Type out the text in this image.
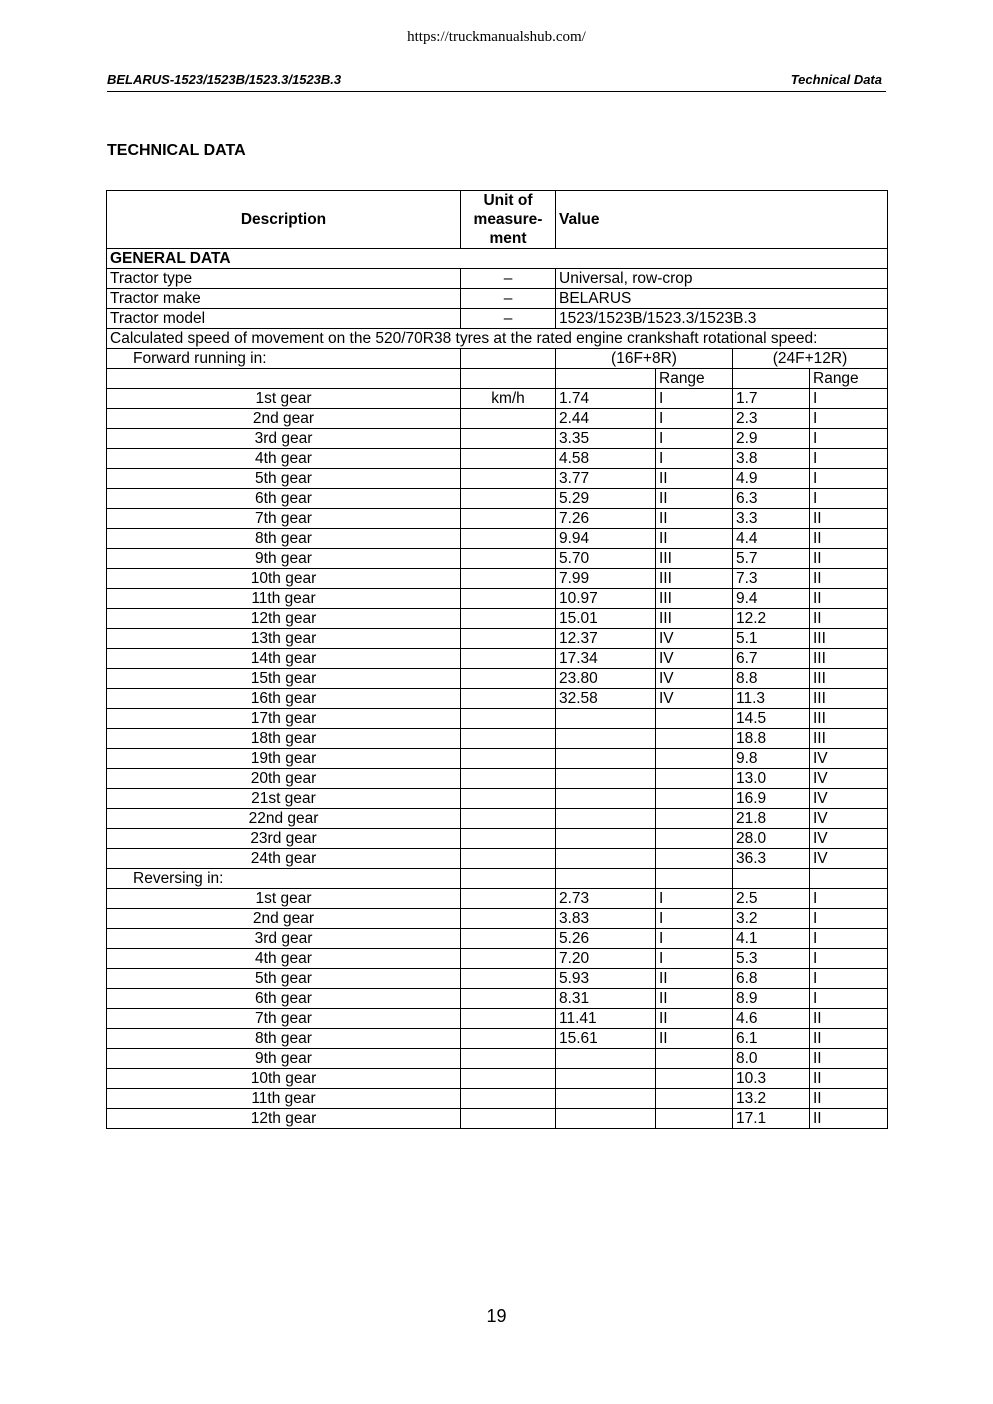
https://truckmanualshub.com/
BELARUS-1523/1523B/1523.3/1523B.3	Technical Data
TECHNICAL DATA
Description	Unit of
measure-
ment	Value			
GENERAL DATA					
Tractor type	–	Universal, row-crop			
Tractor make	–	BELARUS			
Tractor model	–	1523/1523B/1523.3/1523B.3			
Calculated speed of movement on the 520/70R38 tyres at the rated engine crankshaft rotational speed:					
Forward running in:		(16F+8R)		(24F+12R)	
			Range		Range
1st gear	km/h	1.74	I	1.7	I
2nd gear		2.44	I	2.3	I
3rd gear		3.35	I	2.9	I
4th gear		4.58	I	3.8	I
5th gear		3.77	II	4.9	I
6th gear		5.29	II	6.3	I
7th gear		7.26	II	3.3	II
8th gear		9.94	II	4.4	II
9th gear		5.70	III	5.7	II
10th gear		7.99	III	7.3	II
11th gear		10.97	III	9.4	II
12th gear		15.01	III	12.2	II
13th gear		12.37	IV	5.1	III
14th gear		17.34	IV	6.7	III
15th gear		23.80	IV	8.8	III
16th gear		32.58	IV	11.3	III
17th gear				14.5	III
18th gear				18.8	III
19th gear				9.8	IV
20th gear				13.0	IV
21st gear				16.9	IV
22nd gear				21.8	IV
23rd gear				28.0	IV
24th gear				36.3	IV
Reversing in:					
1st gear		2.73	I	2.5	I
2nd gear		3.83	I	3.2	I
3rd gear		5.26	I	4.1	I
4th gear		7.20	I	5.3	I
5th gear		5.93	II	6.8	I
6th gear		8.31	II	8.9	I
7th gear		11.41	II	4.6	II
8th gear		15.61	II	6.1	II
9th gear				8.0	II
10th gear				10.3	II
11th gear				13.2	II
12th gear				17.1	II
19
